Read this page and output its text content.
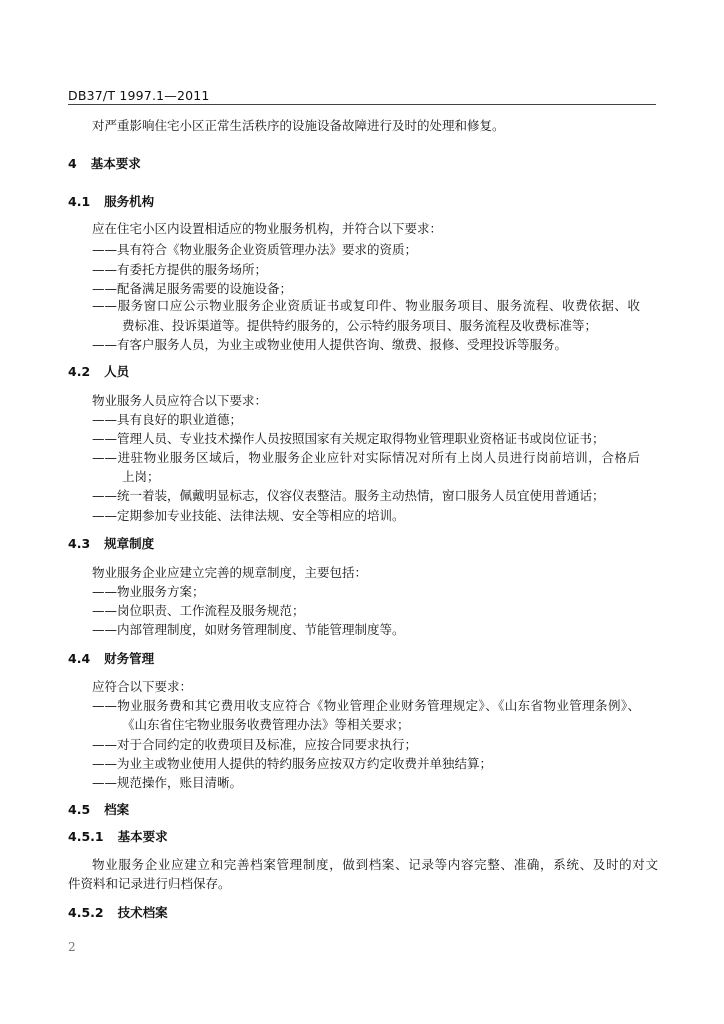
DB37/T 1997.1—2011
对严重影响住宅小区正常生活秩序的设施设备故障进行及时的处理和修复。
4 基本要求
4.1 服务机构
应在住宅小区内设置相适应的物业服务机构，并符合以下要求：
——具有符合《物业服务企业资质管理办法》要求的资质；
——有委托方提供的服务场所；
——配备满足服务需要的设施设备；
——服务窗口应公示物业服务企业资质证书或复印件、物业服务项目、服务流程、收费依据、收
费标准、投诉渠道等。提供特约服务的，公示特约服务项目、服务流程及收费标准等；
——有客户服务人员，为业主或物业使用人提供咨询、缴费、报修、受理投诉等服务。
4.2 人员
物业服务人员应符合以下要求：
——具有良好的职业道德；
——管理人员、专业技术操作人员按照国家有关规定取得物业管理职业资格证书或岗位证书；
——进驻物业服务区域后，物业服务企业应针对实际情况对所有上岗人员进行岗前培训，合格后
上岗；
——统一着装，佩戴明显标志，仪容仪表整洁。服务主动热情，窗口服务人员宜使用普通话；
——定期参加专业技能、法律法规、安全等相应的培训。
4.3 规章制度
物业服务企业应建立完善的规章制度，主要包括：
——物业服务方案；
——岗位职责、工作流程及服务规范；
——内部管理制度，如财务管理制度、节能管理制度等。
4.4 财务管理
应符合以下要求：
——物业服务费和其它费用收支应符合《物业管理企业财务管理规定》、《山东省物业管理条例》、
《山东省住宅物业服务收费管理办法》等相关要求；
——对于合同约定的收费项目及标准，应按合同要求执行；
——为业主或物业使用人提供的特约服务应按双方约定收费并单独结算；
——规范操作，账目清晰。
4.5 档案
4.5.1 基本要求
物业服务企业应建立和完善档案管理制度，做到档案、记录等内容完整、准确，系统、及时的对文
件资料和记录进行归档保存。
4.5.2 技术档案
2
